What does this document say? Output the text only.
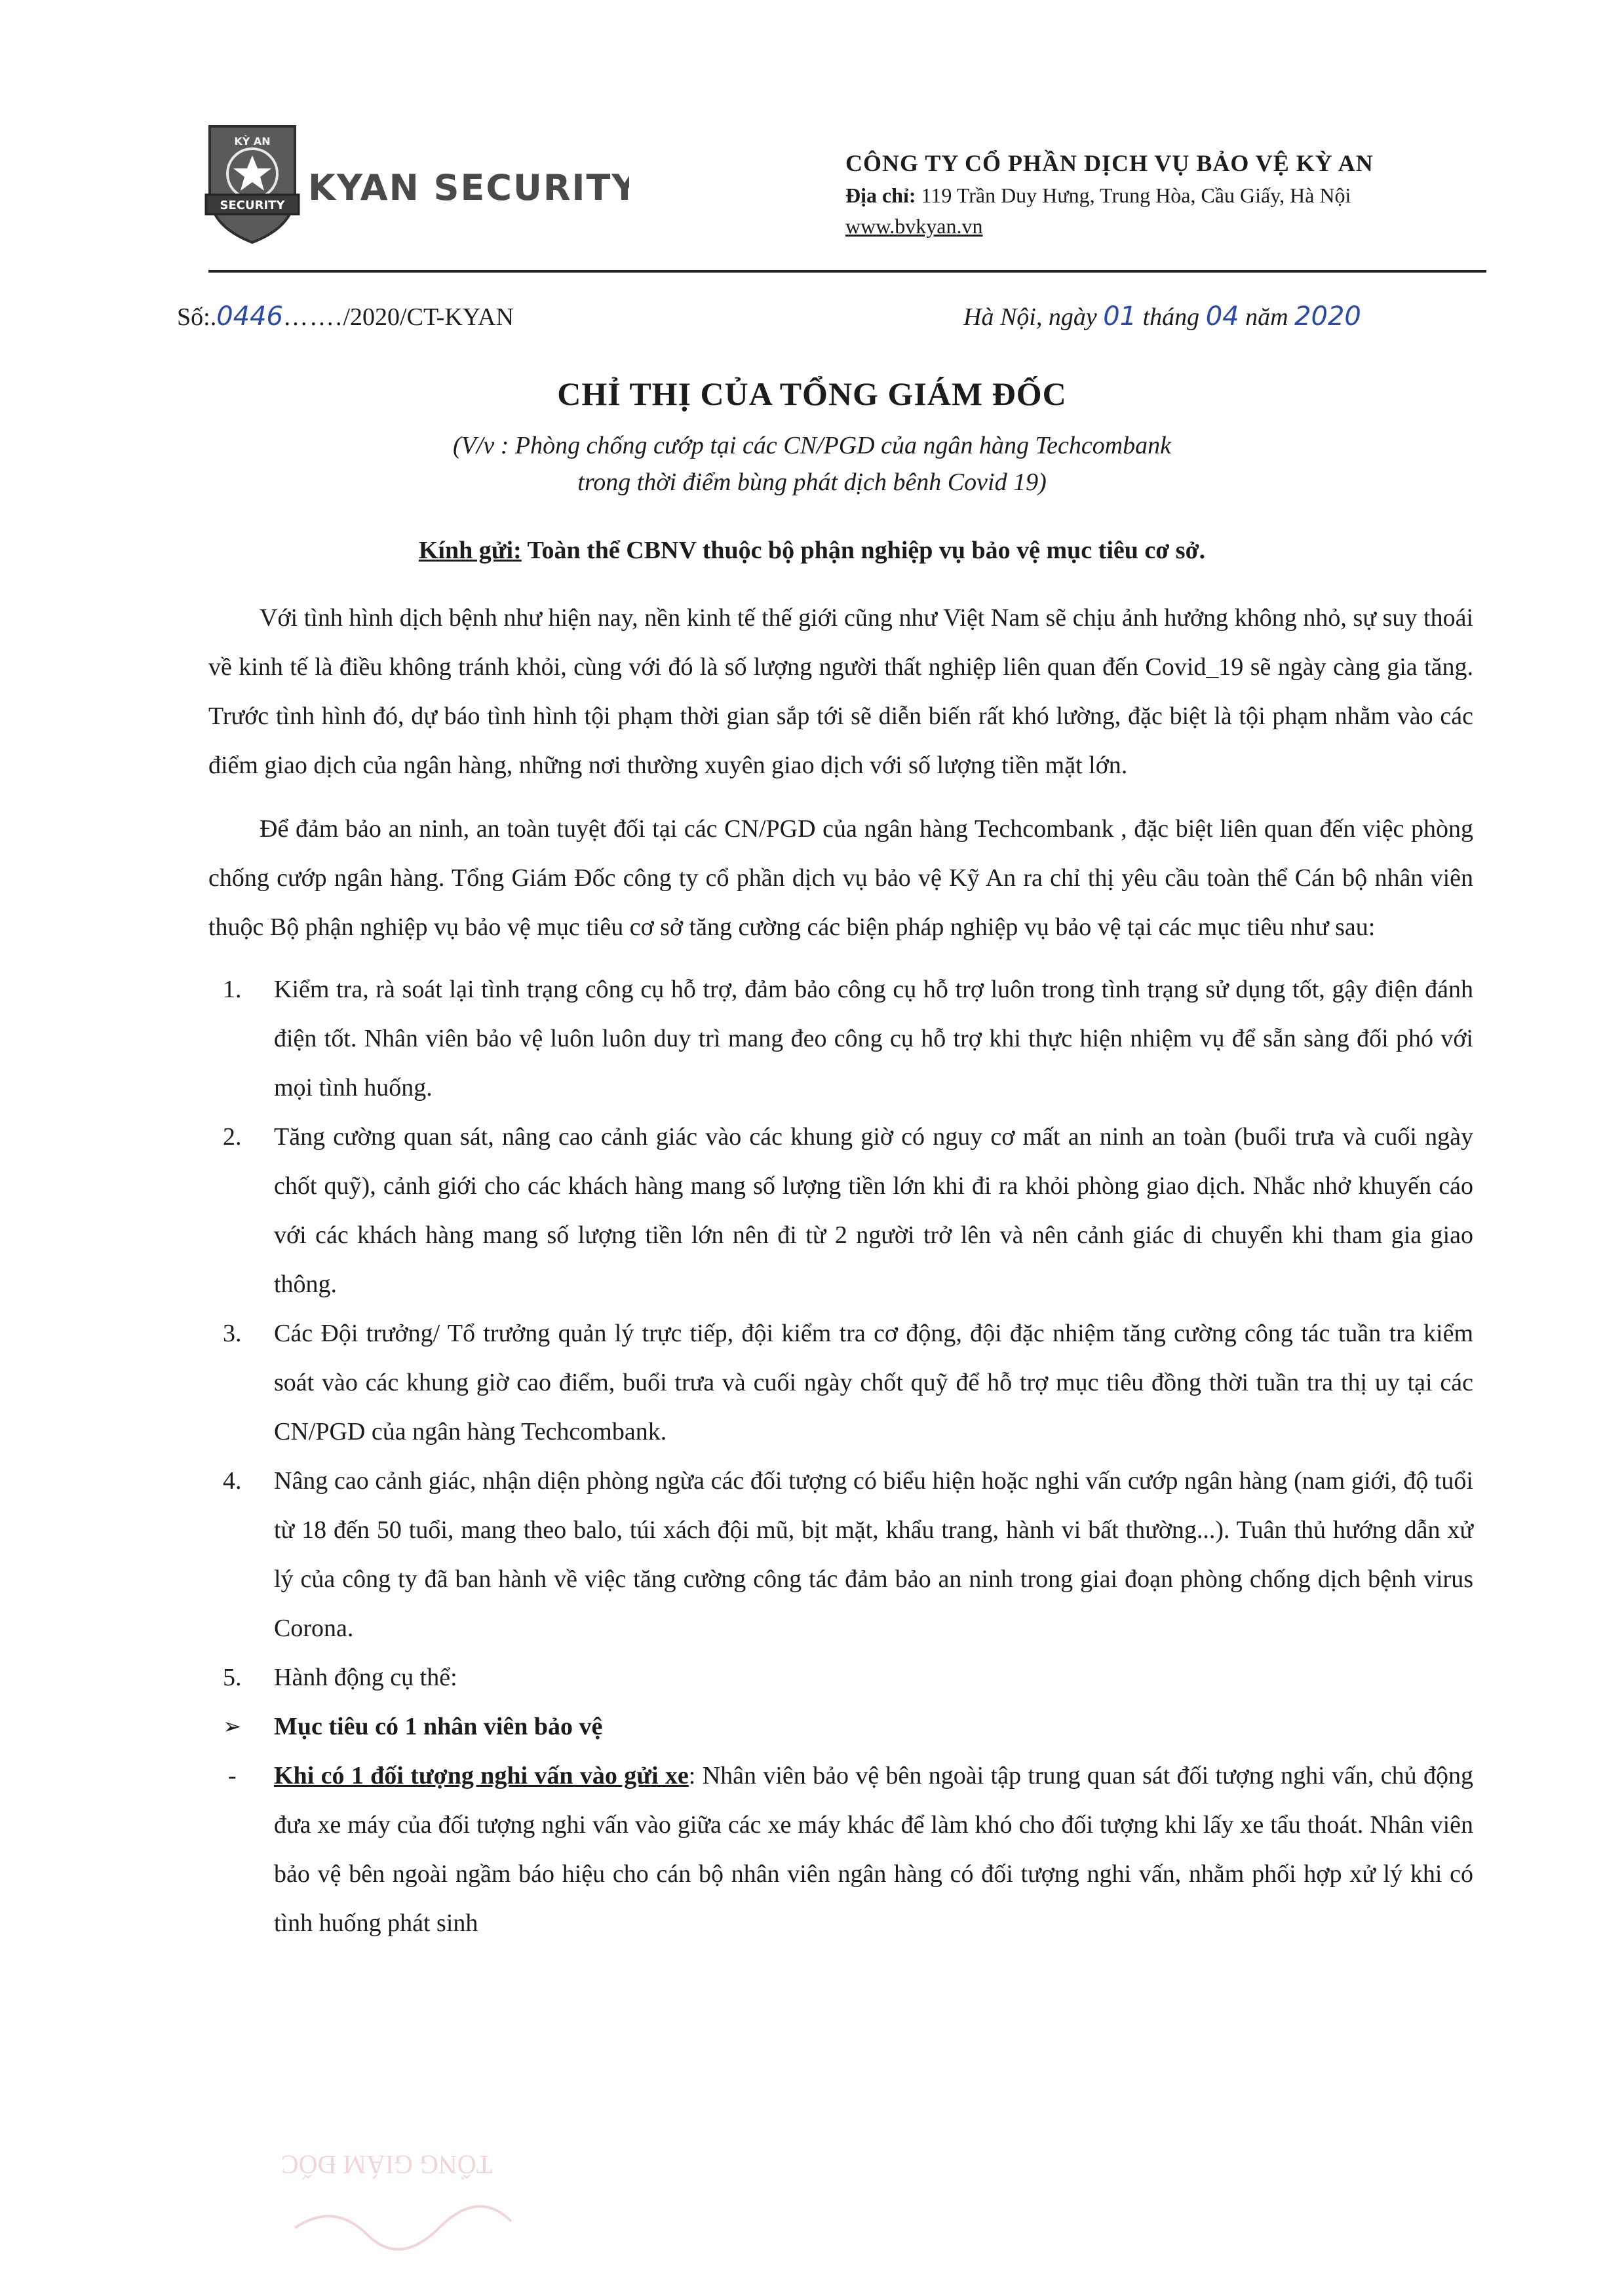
KỲ AN
SECURITY KYAN SECURITY
CÔNG TY CỔ PHẦN DỊCH VỤ BẢO VỆ KỲ AN
Địa chỉ: 119 Trần Duy Hưng, Trung Hòa, Cầu Giấy, Hà Nội
www.bvkyan.vn
Số:.0446……./2020/CT-KYAN	Hà Nội, ngày 01 tháng 04 năm 2020
CHỈ THỊ CỦA TỔNG GIÁM ĐỐC
(V/v : Phòng chống cướp tại các CN/PGD của ngân hàng Techcombank
trong thời điểm bùng phát dịch bênh Covid 19)
Kính gửi: Toàn thể CBNV thuộc bộ phận nghiệp vụ bảo vệ mục tiêu cơ sở.

Với tình hình dịch bệnh như hiện nay, nền kinh tế thế giới cũng như Việt Nam sẽ chịu ảnh hưởng không nhỏ, sự suy thoái về kinh tế là điều không tránh khỏi, cùng với đó là số lượng người thất nghiệp liên quan đến Covid_19 sẽ ngày càng gia tăng. Trước tình hình đó, dự báo tình hình tội phạm thời gian sắp tới sẽ diễn biến rất khó lường, đặc biệt là tội phạm nhằm vào các điểm giao dịch của ngân hàng, những nơi thường xuyên giao dịch với số lượng tiền mặt lớn.

Để đảm bảo an ninh, an toàn tuyệt đối tại các CN/PGD của ngân hàng Techcombank , đặc biệt liên quan đến việc phòng chống cướp ngân hàng. Tổng Giám Đốc công ty cổ phần dịch vụ bảo vệ Kỹ An ra chỉ thị yêu cầu toàn thể Cán bộ nhân viên thuộc Bộ phận nghiệp vụ bảo vệ mục tiêu cơ sở tăng cường các biện pháp nghiệp vụ bảo vệ tại các mục tiêu như sau:

1. Kiểm tra, rà soát lại tình trạng công cụ hỗ trợ, đảm bảo công cụ hỗ trợ luôn trong tình trạng sử dụng tốt, gậy điện đánh điện tốt. Nhân viên bảo vệ luôn luôn duy trì mang đeo công cụ hỗ trợ khi thực hiện nhiệm vụ để sẵn sàng đối phó với mọi tình huống.
2. Tăng cường quan sát, nâng cao cảnh giác vào các khung giờ có nguy cơ mất an ninh an toàn (buổi trưa và cuối ngày chốt quỹ), cảnh giới cho các khách hàng mang số lượng tiền lớn khi đi ra khỏi phòng giao dịch. Nhắc nhở khuyến cáo với các khách hàng mang số lượng tiền lớn nên đi từ 2 người trở lên và nên cảnh giác di chuyển khi tham gia giao thông.
3. Các Đội trưởng/ Tổ trưởng quản lý trực tiếp, đội kiểm tra cơ động, đội đặc nhiệm tăng cường công tác tuần tra kiểm soát vào các khung giờ cao điểm, buổi trưa và cuối ngày chốt quỹ để hỗ trợ mục tiêu đồng thời tuần tra thị uy tại các CN/PGD của ngân hàng Techcombank.
4. Nâng cao cảnh giác, nhận diện phòng ngừa các đối tượng có biểu hiện hoặc nghi vấn cướp ngân hàng (nam giới, độ tuổi từ 18 đến 50 tuổi, mang theo balo, túi xách đội mũ, bịt mặt, khẩu trang, hành vi bất thường...). Tuân thủ hướng dẫn xử lý của công ty đã ban hành về việc tăng cường công tác đảm bảo an ninh trong giai đoạn phòng chống dịch bệnh virus Corona.
5. Hành động cụ thể:
➢ Mục tiêu có 1 nhân viên bảo vệ
- Khi có 1 đối tượng nghi vấn vào gửi xe: Nhân viên bảo vệ bên ngoài tập trung quan sát đối tượng nghi vấn, chủ động đưa xe máy của đối tượng nghi vấn vào giữa các xe máy khác để làm khó cho đối tượng khi lấy xe tẩu thoát. Nhân viên bảo vệ bên ngoài ngầm báo hiệu cho cán bộ nhân viên ngân hàng có đối tượng nghi vấn, nhằm phối hợp xử lý khi có tình huống phát sinh
TỔNG GIÁM ĐỐC
